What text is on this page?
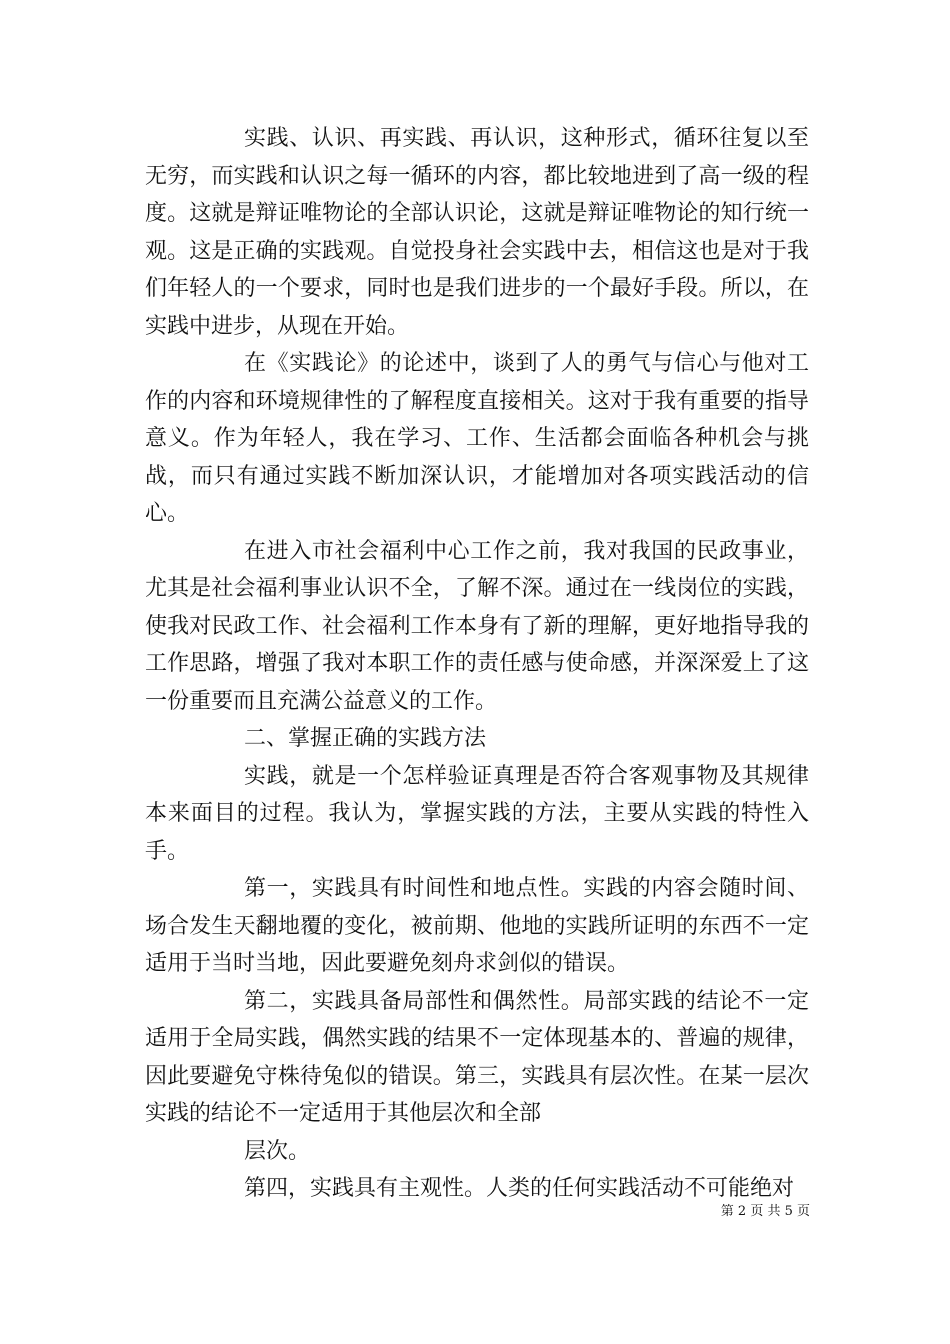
实践、认识、再实践、再认识，这种形式，循环往复以至无穷，而实践和认识之每一循环的内容，都比较地进到了高一级的程度。这就是辩证唯物论的全部认识论，这就是辩证唯物论的知行统一观。这是正确的实践观。自觉投身社会实践中去，相信这也是对于我们年轻人的一个要求，同时也是我们进步的一个最好手段。所以，在实践中进步，从现在开始。

在《实践论》的论述中，谈到了人的勇气与信心与他对工作的内容和环境规律性的了解程度直接相关。这对于我有重要的指导意义。作为年轻人，我在学习、工作、生活都会面临各种机会与挑战，而只有通过实践不断加深认识，才能增加对各项实践活动的信心。

在进入市社会福利中心工作之前，我对我国的民政事业，尤其是社会福利事业认识不全，了解不深。通过在一线岗位的实践，使我对民政工作、社会福利工作本身有了新的理解，更好地指导我的工作思路，增强了我对本职工作的责任感与使命感，并深深爱上了这一份重要而且充满公益意义的工作。

二、掌握正确的实践方法

实践，就是一个怎样验证真理是否符合客观事物及其规律本来面目的过程。我认为，掌握实践的方法，主要从实践的特性入手。

第一，实践具有时间性和地点性。实践的内容会随时间、场合发生天翻地覆的变化，被前期、他地的实践所证明的东西不一定适用于当时当地，因此要避免刻舟求剑似的错误。

第二，实践具备局部性和偶然性。局部实践的结论不一定适用于全局实践，偶然实践的结果不一定体现基本的、普遍的规律，因此要避免守株待兔似的错误。第三，实践具有层次性。在某一层次实践的结论不一定适用于其他层次和全部

层次。

第四，实践具有主观性。人类的任何实践活动不可能绝对

第 2 页 共 5 页
